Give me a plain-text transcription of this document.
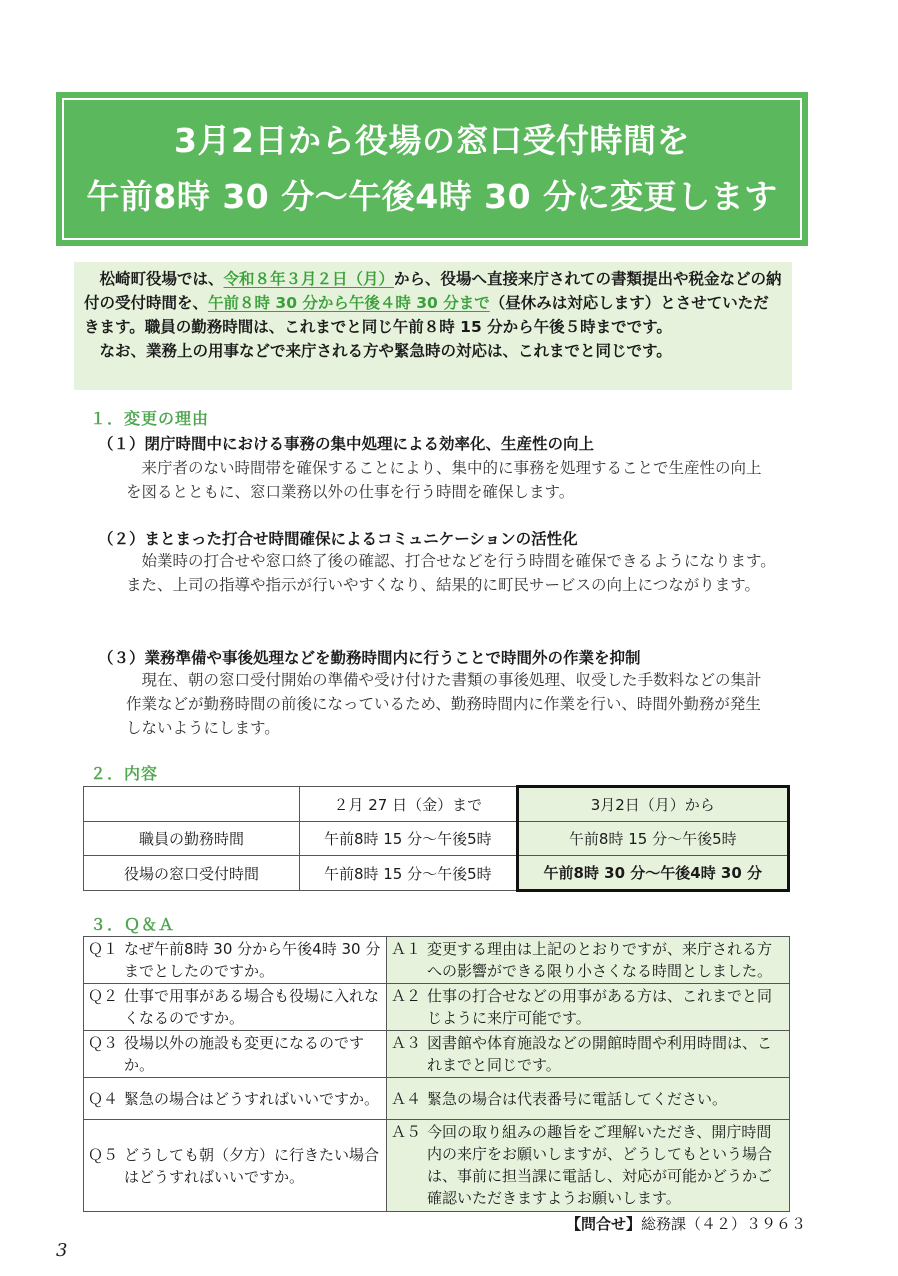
3月2日から役場の窓口受付時間を
午前8時 30 分～午後4時 30 分に変更します

松崎町役場では、令和８年３月２日（月）から、役場へ直接来庁されての書類提出や税金などの納付の受付時間を、午前８時 30 分から午後４時 30 分まで（昼休みは対応します）とさせていただきます。職員の勤務時間は、これまでと同じ午前８時 15 分から午後５時までです。

なお、業務上の用事などで来庁される方や緊急時の対応は、これまでと同じです。

１．変更の理由
（１）閉庁時間中における事務の集中処理による効率化、生産性の向上

来庁者のない時間帯を確保することにより、集中的に事務を処理することで生産性の向上を図るとともに、窓口業務以外の仕事を行う時間を確保します。

（２）まとまった打合せ時間確保によるコミュニケーションの活性化

始業時の打合せや窓口終了後の確認、打合せなどを行う時間を確保できるようになります。また、上司の指導や指示が行いやすくなり、結果的に町民サービスの向上につながります。

（３）業務準備や事後処理などを勤務時間内に行うことで時間外の作業を抑制

現在、朝の窓口受付開始の準備や受け付けた書類の事後処理、収受した手数料などの集計作業などが勤務時間の前後になっているため、勤務時間内に作業を行い、時間外勤務が発生しないようにします。

２．内容
	２月 27 日（金）まで	3月2日（月）から
職員の勤務時間	午前8時 15 分～午後5時	午前8時 15 分～午後5時
役場の窓口受付時間	午前8時 15 分～午後5時	午前8時 30 分～午後4時 30 分
３．Ｑ＆Ａ
Ｑ１ なぜ午前8時 30 分から午後4時 30 分までとしたのですか。	Ａ１ 変更する理由は上記のとおりですが、来庁される方への影響ができる限り小さくなる時間としました。

Ｑ２ 仕事で用事がある場合も役場に入れなくなるのですか。	Ａ２ 仕事の打合せなどの用事がある方は、これまでと同じように来庁可能です。

Ｑ３ 役場以外の施設も変更になるのですか。	Ａ３ 図書館や体育施設などの開館時間や利用時間は、これまでと同じです。

Ｑ４ 緊急の場合はどうすればいいですか。	Ａ４ 緊急の場合は代表番号に電話してください。

Ｑ５ どうしても朝（夕方）に行きたい場合はどうすればいいですか。	Ａ５ 今回の取り組みの趣旨をご理解いただき、開庁時間内の来庁をお願いしますが、どうしてもという場合は、事前に担当課に電話し、対応が可能かどうかご確認いただきますようお願いします。
【問合せ】総務課（４２）３９６３
3
